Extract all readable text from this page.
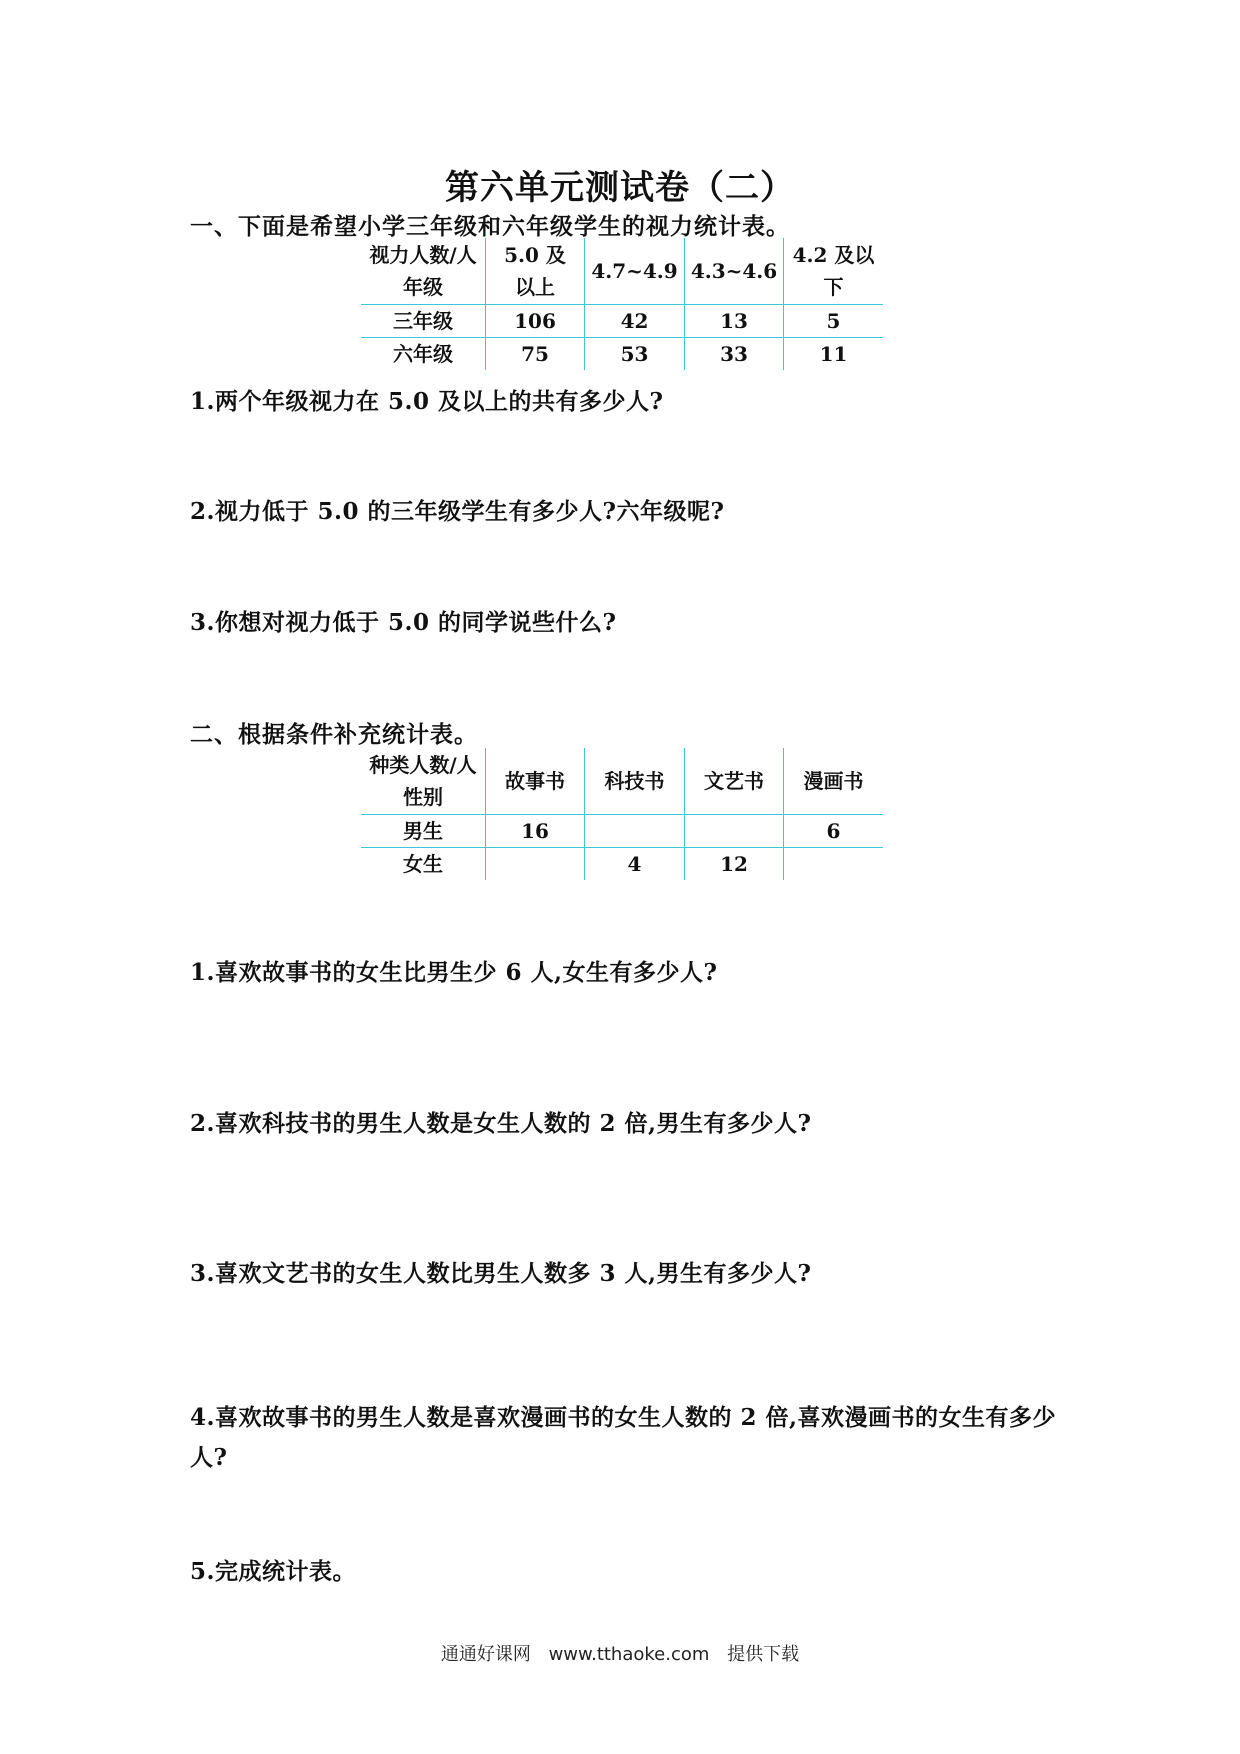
第六单元测试卷（二）
一、下面是希望小学三年级和六年级学生的视力统计表。
视力人数/人
年级	5.0 及以上	4.7~4.9	4.3~4.6	4.2 及以下

三年级	106	42	13	5
六年级	75	53	33	11
1.两个年级视力在 5.0 及以上的共有多少人?
2.视力低于 5.0 的三年级学生有多少人?六年级呢?
3.你想对视力低于 5.0 的同学说些什么?
二、根据条件补充统计表。
种类人数/人
性别	故事书	科技书	文艺书	漫画书
男生	16			6
女生		4	12	
1.喜欢故事书的女生比男生少 6 人,女生有多少人?
2.喜欢科技书的男生人数是女生人数的 2 倍,男生有多少人?
3.喜欢文艺书的女生人数比男生人数多 3 人,男生有多少人?
4.喜欢故事书的男生人数是喜欢漫画书的女生人数的 2 倍,喜欢漫画书的女生有多少人?
5.完成统计表。
通通好课网 www.tthaoke.com 提供下载
